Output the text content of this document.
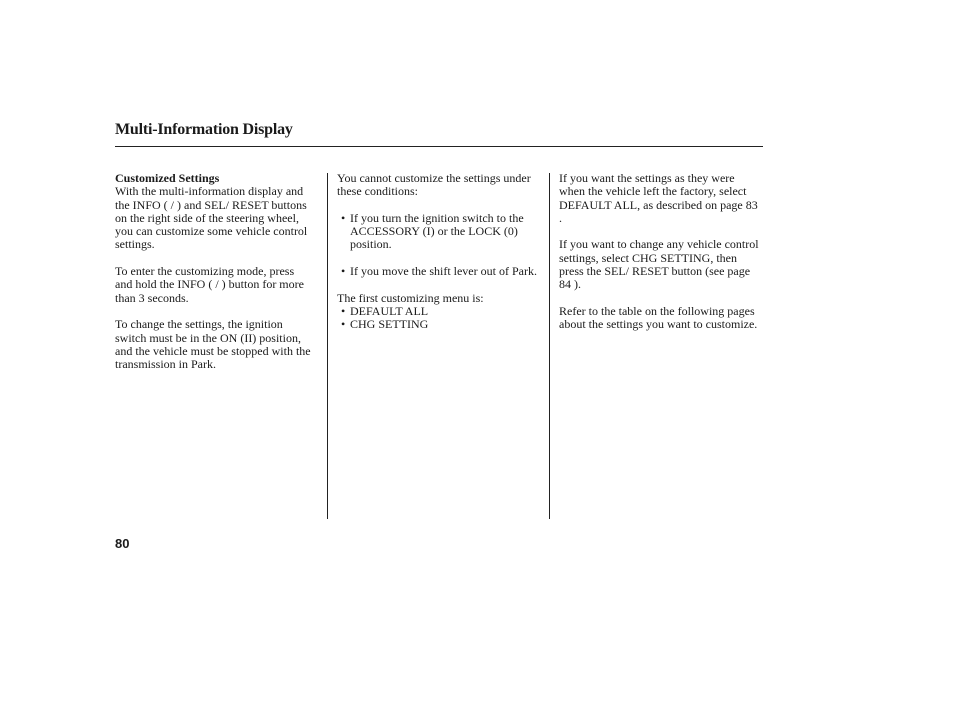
Multi-Information Display
Customized Settings

With the multi-information display and the INFO ( / ) and SEL/ RESET buttons on the right side of the steering wheel, you can customize some vehicle control settings.

To enter the customizing mode, press and hold the INFO ( / ) button for more than 3 seconds.

To change the settings, the ignition switch must be in the ON (II) position, and the vehicle must be stopped with the transmission in Park.

You cannot customize the settings under these conditions:

• If you turn the ignition switch to the ACCESSORY (I) or the LOCK (0) position.
• If you move the shift lever out of Park.
The first customizing menu is:
• DEFAULT ALL
• CHG SETTING

If you want the settings as they were when the vehicle left the factory, select DEFAULT ALL, as described on page 83 .

If you want to change any vehicle control settings, select CHG SETTING, then press the SEL/ RESET button (see page 84 ).

Refer to the table on the following pages about the settings you want to customize.

80
